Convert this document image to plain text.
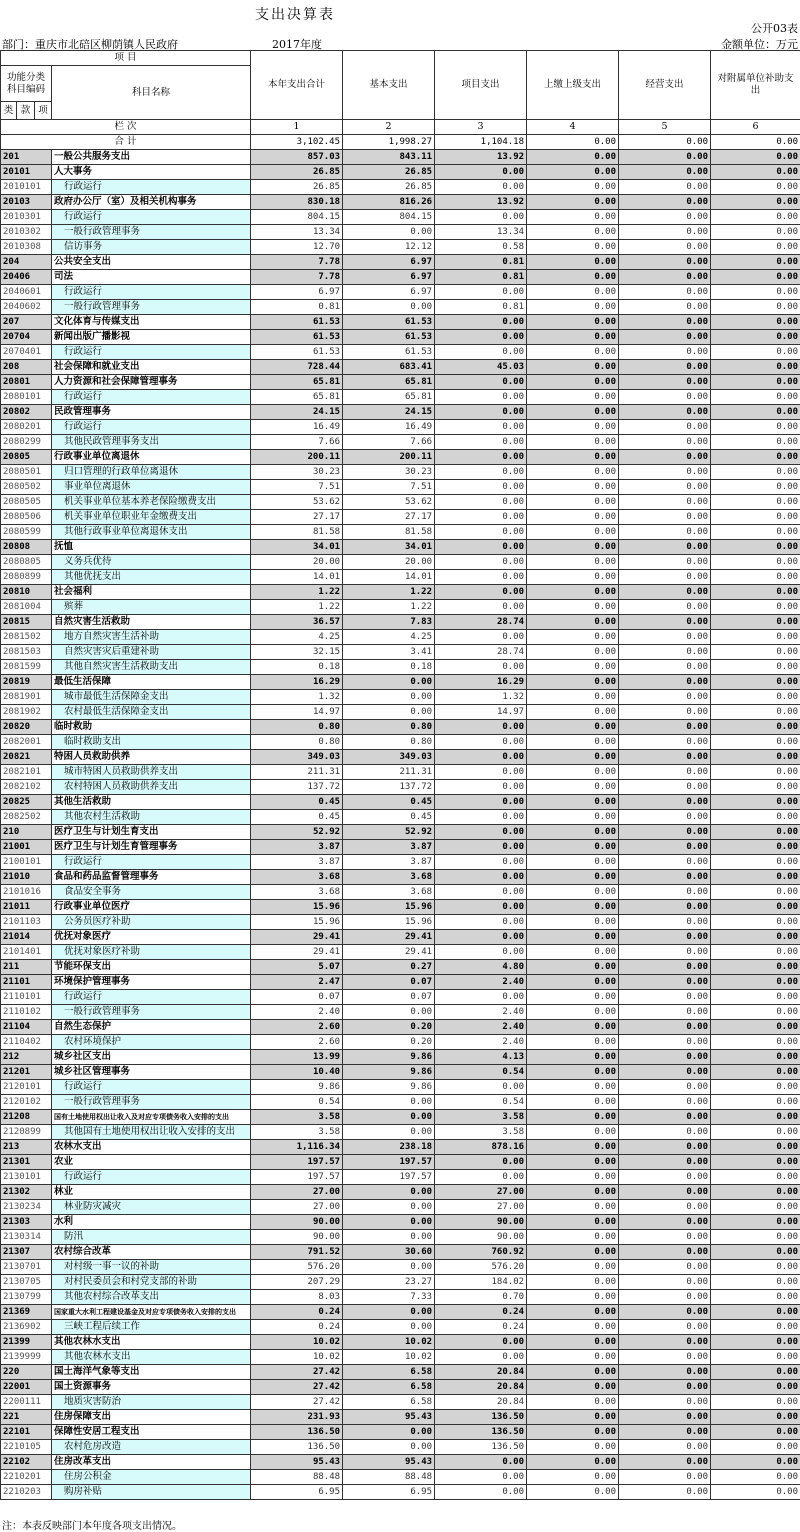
支出决算表
公开03表
部门：重庆市北碚区柳荫镇人民政府	2017年度	金额单位：万元
项 目				本年支出合计	基本支出	项目支出	上缴上级支出	经营支出	对附属单位补助支出
功能分类科目编码			科目名称						
类	款	项							
栏 次				1	2	3	4	5	6
合 计				3,102.45	1,998.27	1,104.18	0.00	0.00	0.00
201			一般公共服务支出	857.03	843.11	13.92	0.00	0.00	0.00
20101			人大事务	26.85	26.85	0.00	0.00	0.00	0.00
2010101			行政运行	26.85	26.85	0.00	0.00	0.00	0.00
20103			政府办公厅（室）及相关机构事务	830.18	816.26	13.92	0.00	0.00	0.00
2010301			行政运行	804.15	804.15	0.00	0.00	0.00	0.00
2010302			一般行政管理事务	13.34	0.00	13.34	0.00	0.00	0.00
2010308			信访事务	12.70	12.12	0.58	0.00	0.00	0.00
204			公共安全支出	7.78	6.97	0.81	0.00	0.00	0.00
20406			司法	7.78	6.97	0.81	0.00	0.00	0.00
2040601			行政运行	6.97	6.97	0.00	0.00	0.00	0.00
2040602			一般行政管理事务	0.81	0.00	0.81	0.00	0.00	0.00
207			文化体育与传媒支出	61.53	61.53	0.00	0.00	0.00	0.00
20704			新闻出版广播影视	61.53	61.53	0.00	0.00	0.00	0.00
2070401			行政运行	61.53	61.53	0.00	0.00	0.00	0.00
208			社会保障和就业支出	728.44	683.41	45.03	0.00	0.00	0.00
20801			人力资源和社会保障管理事务	65.81	65.81	0.00	0.00	0.00	0.00
2080101			行政运行	65.81	65.81	0.00	0.00	0.00	0.00
20802			民政管理事务	24.15	24.15	0.00	0.00	0.00	0.00
2080201			行政运行	16.49	16.49	0.00	0.00	0.00	0.00
2080299			其他民政管理事务支出	7.66	7.66	0.00	0.00	0.00	0.00
20805			行政事业单位离退休	200.11	200.11	0.00	0.00	0.00	0.00
2080501			归口管理的行政单位离退休	30.23	30.23	0.00	0.00	0.00	0.00
2080502			事业单位离退休	7.51	7.51	0.00	0.00	0.00	0.00
2080505			机关事业单位基本养老保险缴费支出	53.62	53.62	0.00	0.00	0.00	0.00
2080506			机关事业单位职业年金缴费支出	27.17	27.17	0.00	0.00	0.00	0.00
2080599			其他行政事业单位离退休支出	81.58	81.58	0.00	0.00	0.00	0.00
20808			抚恤	34.01	34.01	0.00	0.00	0.00	0.00
2080805			义务兵优待	20.00	20.00	0.00	0.00	0.00	0.00
2080899			其他优抚支出	14.01	14.01	0.00	0.00	0.00	0.00
20810			社会福利	1.22	1.22	0.00	0.00	0.00	0.00
2081004			殡葬	1.22	1.22	0.00	0.00	0.00	0.00
20815			自然灾害生活救助	36.57	7.83	28.74	0.00	0.00	0.00
2081502			地方自然灾害生活补助	4.25	4.25	0.00	0.00	0.00	0.00
2081503			自然灾害灾后重建补助	32.15	3.41	28.74	0.00	0.00	0.00
2081599			其他自然灾害生活救助支出	0.18	0.18	0.00	0.00	0.00	0.00
20819			最低生活保障	16.29	0.00	16.29	0.00	0.00	0.00
2081901			城市最低生活保障金支出	1.32	0.00	1.32	0.00	0.00	0.00
2081902			农村最低生活保障金支出	14.97	0.00	14.97	0.00	0.00	0.00
20820			临时救助	0.80	0.80	0.00	0.00	0.00	0.00
2082001			临时救助支出	0.80	0.80	0.00	0.00	0.00	0.00
20821			特困人员救助供养	349.03	349.03	0.00	0.00	0.00	0.00
2082101			城市特困人员救助供养支出	211.31	211.31	0.00	0.00	0.00	0.00
2082102			农村特困人员救助供养支出	137.72	137.72	0.00	0.00	0.00	0.00
20825			其他生活救助	0.45	0.45	0.00	0.00	0.00	0.00
2082502			其他农村生活救助	0.45	0.45	0.00	0.00	0.00	0.00
210			医疗卫生与计划生育支出	52.92	52.92	0.00	0.00	0.00	0.00
21001			医疗卫生与计划生育管理事务	3.87	3.87	0.00	0.00	0.00	0.00
2100101			行政运行	3.87	3.87	0.00	0.00	0.00	0.00
21010			食品和药品监督管理事务	3.68	3.68	0.00	0.00	0.00	0.00
2101016			食品安全事务	3.68	3.68	0.00	0.00	0.00	0.00
21011			行政事业单位医疗	15.96	15.96	0.00	0.00	0.00	0.00
2101103			公务员医疗补助	15.96	15.96	0.00	0.00	0.00	0.00
21014			优抚对象医疗	29.41	29.41	0.00	0.00	0.00	0.00
2101401			优抚对象医疗补助	29.41	29.41	0.00	0.00	0.00	0.00
211			节能环保支出	5.07	0.27	4.80	0.00	0.00	0.00
21101			环境保护管理事务	2.47	0.07	2.40	0.00	0.00	0.00
2110101			行政运行	0.07	0.07	0.00	0.00	0.00	0.00
2110102			一般行政管理事务	2.40	0.00	2.40	0.00	0.00	0.00
21104			自然生态保护	2.60	0.20	2.40	0.00	0.00	0.00
2110402			农村环境保护	2.60	0.20	2.40	0.00	0.00	0.00
212			城乡社区支出	13.99	9.86	4.13	0.00	0.00	0.00
21201			城乡社区管理事务	10.40	9.86	0.54	0.00	0.00	0.00
2120101			行政运行	9.86	9.86	0.00	0.00	0.00	0.00
2120102			一般行政管理事务	0.54	0.00	0.54	0.00	0.00	0.00
21208			国有土地使用权出让收入及对应专项债务收入安排的支出	3.58	0.00	3.58	0.00	0.00	0.00
2120899			其他国有土地使用权出让收入安排的支出	3.58	0.00	3.58	0.00	0.00	0.00
213			农林水支出	1,116.34	238.18	878.16	0.00	0.00	0.00
21301			农业	197.57	197.57	0.00	0.00	0.00	0.00
2130101			行政运行	197.57	197.57	0.00	0.00	0.00	0.00
21302			林业	27.00	0.00	27.00	0.00	0.00	0.00
2130234			林业防灾减灾	27.00	0.00	27.00	0.00	0.00	0.00
21303			水利	90.00	0.00	90.00	0.00	0.00	0.00
2130314			防汛	90.00	0.00	90.00	0.00	0.00	0.00
21307			农村综合改革	791.52	30.60	760.92	0.00	0.00	0.00
2130701			对村级一事一议的补助	576.20	0.00	576.20	0.00	0.00	0.00
2130705			对村民委员会和村党支部的补助	207.29	23.27	184.02	0.00	0.00	0.00
2130799			其他农村综合改革支出	8.03	7.33	0.70	0.00	0.00	0.00
21369			国家重大水利工程建设基金及对应专项债务收入安排的支出	0.24	0.00	0.24	0.00	0.00	0.00
2136902			三峡工程后续工作	0.24	0.00	0.24	0.00	0.00	0.00
21399			其他农林水支出	10.02	10.02	0.00	0.00	0.00	0.00
2139999			其他农林水支出	10.02	10.02	0.00	0.00	0.00	0.00
220			国土海洋气象等支出	27.42	6.58	20.84	0.00	0.00	0.00
22001			国土资源事务	27.42	6.58	20.84	0.00	0.00	0.00
2200111			地质灾害防治	27.42	6.58	20.84	0.00	0.00	0.00
221			住房保障支出	231.93	95.43	136.50	0.00	0.00	0.00
22101			保障性安居工程支出	136.50	0.00	136.50	0.00	0.00	0.00
2210105			农村危房改造	136.50	0.00	136.50	0.00	0.00	0.00
22102			住房改革支出	95.43	95.43	0.00	0.00	0.00	0.00
2210201			住房公积金	88.48	88.48	0.00	0.00	0.00	0.00
2210203			购房补贴	6.95	6.95	0.00	0.00	0.00	0.00
注：本表反映部门本年度各项支出情况。
